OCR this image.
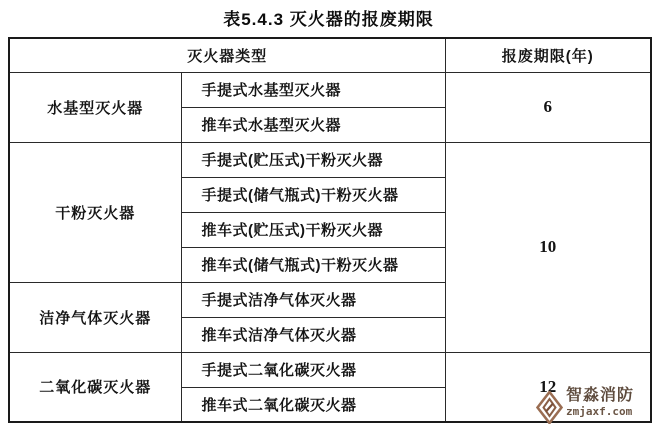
表5.4.3 灭火器的报废期限
灭火器类型		报废期限(年)
水基型灭火器	手提式水基型灭火器	6
	推车式水基型灭火器	
干粉灭火器	手提式(贮压式)干粉灭火器	10
	手提式(储气瓶式)干粉灭火器	
	推车式(贮压式)干粉灭火器	
	推车式(储气瓶式)干粉灭火器	
洁净气体灭火器	手提式洁净气体灭火器	
	推车式洁净气体灭火器	
二氧化碳灭火器	手提式二氧化碳灭火器	12
	推车式二氧化碳灭火器	
智淼消防
zmjaxf.com
